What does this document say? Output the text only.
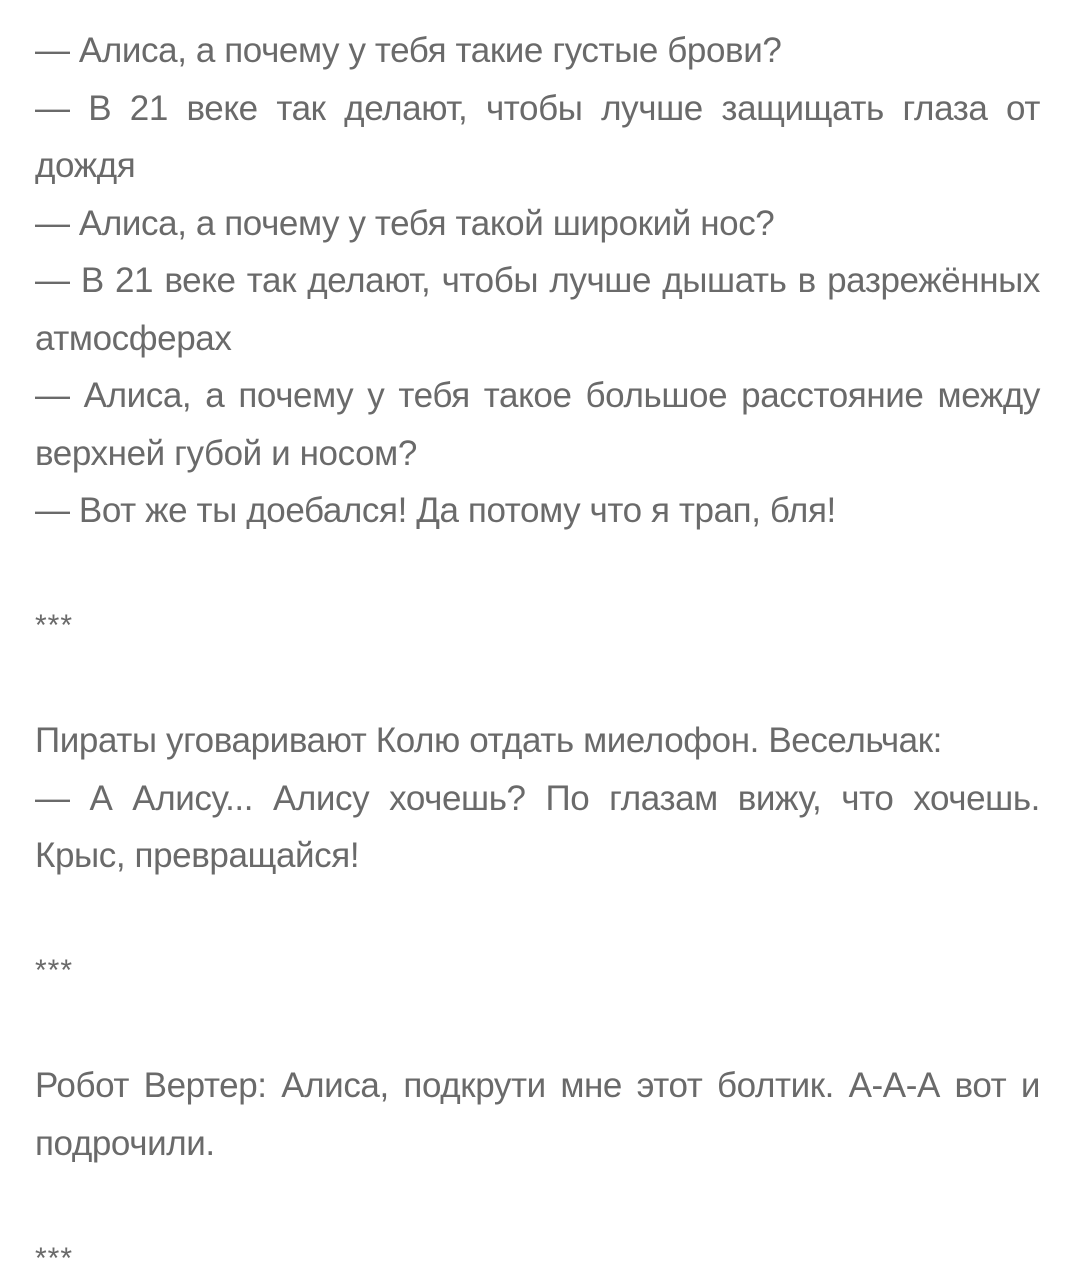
— Алиса, а почему у тебя такие густые брови?

— В 21 веке так делают, чтобы лучше защищать глаза от дождя

— Алиса, а почему у тебя такой широкий нос?

— В 21 веке так делают, чтобы лучше дышать в разрежённых атмосферах

— Алиса, а почему у тебя такое большое расстояние между верхней губой и носом?

— Вот же ты доебался! Да потому что я трап, бля!

***

Пираты уговаривают Колю отдать миелофон. Весельчак:

— А Алису... Алису хочешь? По глазам вижу, что хочешь. Крыс, превращайся!

***

Робот Вертер: Алиса, подкрути мне этот болтик. А-А-А вот и подрочили.

***
